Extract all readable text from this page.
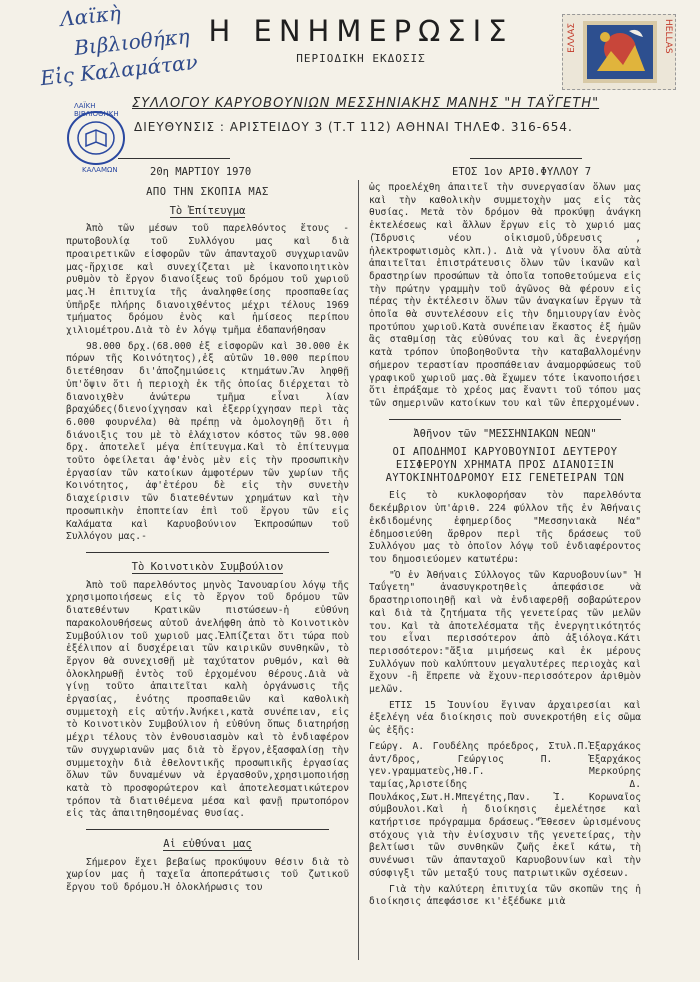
Λαϊκὴ
Βιβλιοθήκη
Εἰς Καλαμάταν
Η ΕΝΗΜΕΡΩΣΙΣ
ΠΕΡΙΟΔΙΚΗ ΕΚΔΟΣΙΣ
ΕΛΛΑΣ	HELLAS
ΛΑΪΚΗ ΒΙΒΛΙΟΘΗΚΗ
ΚΑΛΑΜΩΝ
ΣΥΛΛΟΓΟΥ ΚΑΡΥΟΒΟΥΝΙΩΝ ΜΕΣΣΗΝΙΑΚΗΣ ΜΑΝΗΣ "Η ΤΑΫΓΕΤΗ"
ΔΙΕΥΘΥΝΣΙΣ : ΑΡΙΣΤΕΙΔΟΥ 3 (Τ.Τ 112) ΑΘΗΝΑΙ ΤΗΛΕΦ. 316-654.
20η ΜΑΡΤΙΟΥ 1970	ΕΤΟΣ 1ον ΑΡΙΘ.ΦΥΛΛΟΥ 7
ΑΠΟ ΤΗΝ ΣΚΟΠΙΑ ΜΑΣ
Τὸ Ἐπίτευγμα

Ἀπὸ τῶν μέσων τοῦ παρελθόντος ἔτους - πρωτοβουλίᾳ τοῦ Συλλόγου μας καὶ διὰ προαιρετικῶν εἰσφορῶν τῶν ἁπανταχοῦ συγχωριανῶν μας-ἤρχισε καὶ συνεχίζεται μὲ ἱκανοποιητικὸν ρυθμὸν τὸ ἔργον διανοίξεως τοῦ δρόμου τοῦ χωριοῦ μας.Ἡ ἐπιτυχία τῆς ἀναληφθείσης προσπαθείας ὑπῆρξε πλήρης διανοιχθέντος μέχρι τέλους 1969 τμήματος δρόμου ἑνὸς καὶ ἡμίσεος περίπου χιλιομέτρου.Διὰ τὸ ἐν λόγῳ τμῆμα ἐδαπανήθησαν

98.000 δρχ.(68.000 ἐξ εἰσφορῶν καὶ 30.000 ἐκ πόρων τῆς Κοινότητος),ἐξ αὐτῶν 10.000 περίπου διετέθησαν δι'ἀποζημιώσεις κτημάτων.Ἂν ληφθῇ ὑπ'ὄψιν ὅτι ἡ περιοχὴ ἐκ τῆς ὁποίας διέρχεται τὸ διανοιχθὲν ἀνώτερω τμῆμα εἶναι λίαν βραχώδες(διενοίχγησαν καὶ ἐξερρίχγησαν περὶ τὰς 6.000 φουρνέλα) θὰ πρέπῃ νὰ ὁμολογηθῇ ὅτι ἡ διάνοιξις του μὲ τὸ ἐλάχιστον κόστος τῶν 98.000 δρχ. ἀποτελεῖ μέγα ἐπίτευγμα.Καὶ τὸ ἐπίτευγμα τοῦτο ὀφείλεται ἀφ'ἑνὸς μὲν εἰς τὴν προσωπικὴν ἐργασίαν τῶν κατοίκων ἀμφοτέρων τῶν χωρίων τῆς Κοινότητος, ἀφ'ἑτέρου δὲ εἰς τὴν συνετὴν διαχείρισιν τῶν διατεθέντων χρημάτων καὶ τὴν προσωπικὴν ἐποπτείαν ἐπὶ τοῦ ἔργου τῶν εἰς Καλάματα καὶ Καρυοβούνιον Ἐκπροσώπων τοῦ Συλλόγου μας.-

Τὸ Κοινοτικὸν Συμβούλιον

Ἀπὸ τοῦ παρελθόντος μηνὸς Ἰανουαρίου λόγῳ τῆς χρησιμοποιήσεως εἰς τὸ ἔργον τοῦ δρόμου τῶν διατεθέντων Κρατικῶν πιστώσεων-ἡ εὐθύνη παρακολουθήσεως αὐτοῦ ἀνελήφθη ἀπὸ τὸ Κοινοτικὸν Συμβούλιον τοῦ χωριοῦ μας.Ἐλπίζεται ὅτι τώρα ποὺ ἐξέλιπον αἱ δυσχέρειαι τῶν καιρικῶν συνθηκῶν, τὸ ἔργον θὰ συνεχισθῇ μὲ ταχύτατον ρυθμόν, καὶ θὰ ὁλοκληρωθῇ ἐντὸς τοῦ ἐρχομένου θέρους.Διὰ νὰ γίνῃ τοῦτο ἀπαιτεῖται καλὴ ὀργάνωσις τῆς ἐργασίας, ἐνότης προσπαθειῶν καὶ καθολικὴ συμμετοχὴ εἰς αὐτήν.Ἀνήκει,κατὰ συνέπειαν, εἰς τὸ Κοινοτικὸν Συμβούλιον ἡ εὐθύνη ὅπως διατηρήσῃ μέχρι τέλους τὸν ἐνθουσιασμὸν καὶ τὸ ἐνδιαφέρον τῶν συγχωριανῶν μας διὰ τὸ ἔργον,ἐξασφαλίσῃ τὴν συμμετοχὴν διὰ ἐθελοντικῆς προσωπικῆς ἐργασίας ὅλων τῶν δυναμένων νὰ ἐργασθοῦν,χρησιμοποιήσῃ κατὰ τὸ προσφορώτερον καὶ ἀποτελεσματικώτερον τρόπον τὰ διατιθέμενα μέσα καὶ φανῇ πρωτοπόρον εἰς τὰς ἀπαιτηθησομένας θυσίας.

Αἱ εὐθύναι μας

Σήμερον ἔχει βεβαίως προκύψουν θέσιν διὰ τὸ χωρίον μας ἡ ταχεῖα ἀποπεράτωσις τοῦ ζωτικοῦ ἔργου τοῦ δρόμου.Ἡ ὁλοκλήρωσις του

ὡς προελέχθη ἀπαιτεῖ τὴν συνεργασίαν ὅλων μας καὶ τὴν καθολικὴν συμμετοχὴν μας εἰς τὰς θυσίας. Μετὰ τὸν δρόμον θὰ προκύψῃ ἀνάγκη ἐκτελέσεως καὶ ἄλλων ἔργων εἰς τὸ χωριό μας (Ἵδρυσις νέου οἰκισμοῦ,ὑδρευσις , ἠλεκτροφωτισμὸς κλπ.). Διὰ νὰ γίνουν ὅλα αὐτὰ ἀπαιτεῖται ἐπιστράτευσις ὅλων τῶν ἱκανῶν καὶ δραστηρίων προσώπων τὰ ὁποῖα τοποθετούμενα εἰς τὴν πρώτην γραμμὴν τοῦ ἀγῶνος θὰ φέρουν εἰς πέρας τὴν ἐκτέλεσιν ὅλων τῶν ἀναγκαίων ἔργων τὰ ὁποῖα θὰ συντελέσουν εἰς τὴν δημιουργίαν ἑνὸς προτύπου χωριοῦ.Κατὰ συνέπειαν ἕκαστος ἐξ ἡμῶν ἂς σταθμίσῃ τὰς εὐθύνας του καὶ ἂς ἐνεργήσῃ κατὰ τρόπον ὑποβοηθοῦντα τὴν καταβαλλομένην σήμερον τεραστίαν προσπάθειαν ἀναμορφώσεως τοῦ γραφικοῦ χωριοῦ μας.Θὰ ἔχωμεν τότε ἱκανοποιήσει ὅτι ἐπράξαμε τὸ χρέος μας ἔναντι τοῦ τόπου μας τῶν σημερινῶν κατοίκων του καὶ τῶν ἐπερχομένων.

Ἀθῆνον τῶν "ΜΕΣΣΗΝΙΑΚΩΝ ΝΕΩΝ"
ΟΙ ΑΠΟΔΗΜΟΙ ΚΑΡΥΟΒΟΥΝΙΟΙ ΔΕΥΤΕΡΟΥ ΕΙΣΦΕΡΟΥΝ ΧΡΗΜΑΤΑ ΠΡΟΣ ΔΙΑΝΟΙΞΙΝ ΑΥΤΟΚΙΝΗΤΟΔΡΟΜΟΥ ΕΙΣ ΓΕΝΕΤΕΙΡΑΝ ΤΩΝ

Εἰς τὸ κυκλοφορήσαν τὸν παρελθόντα δεκέμβριον ὑπ'ἀριθ. 224 φύλλον τῆς ἐν Ἀθήναις ἐκδιδομένης ἐφημερίδος "Μεσσηνιακὰ Νέα" ἐδημοσιεύθη ἄρθρον περὶ τῆς δράσεως τοῦ Συλλόγου μας τὸ ὁποῖον λόγῳ τοῦ ἐνδιαφέροντος του δημοσιεύομεν κατωτέρω:

"Ὁ ἐν Ἀθήναις Σύλλογος τῶν Καρυοβουνίων" Ἡ Ταΰγετη" ἀνασυγκροτηθεὶς ἀπεφάσισε νὰ δραστηριοποιηθῇ καὶ νὰ ἐνδιαφερθῇ σοβαρώτερον καὶ διὰ τὰ ζητήματα τῆς γενετείρας τῶν μελῶν του. Καὶ τὰ ἀποτελέσματα τῆς ἐνεργητικότητός του εἶναι περισσότερον ἀπὸ ἀξιόλογα.Κάτι περισσότερον:"ἄξια μιμήσεως καὶ ἐκ μέρους Συλλόγων ποὺ καλύπτουν μεγαλυτέρες περιοχὰς καὶ ἔχουν -ἢ ἔπρεπε νὰ ἔχουν-περισσότερον ἀριθμὸν μελῶν.

ΕΤΙΣ 15 Ἰουνίου ἔγιναν ἀρχαιρεσίαι καὶ ἐξελέγη νέα διοίκησις ποὺ συνεκροτήθη εἰς σῶμα ὡς ἑξῆς:

Γεώργ. Α. Γουδέλης πρόεδρος, Στυλ.Π.Ἐξαρχάκος ἀντ/δρος, Γεώργιος Π. Ἐξαρχάκος γεν.γραμματεὺς,Ἠθ.Γ. Μερκούρης ταμίας,Ἀριστείδης Δ. Πουλάκος,Σωτ.Η.Μπεγέτης,Παν. Ἰ. Κορωναῖος σύμβουλοι.Καὶ ἡ διοίκησις ἐμελέτησε καὶ κατήρτισε πρόγραμμα δράσεως."Ἔθεσεν ὡρισμένους στόχους γιὰ τὴν ἐνίσχυσιν τῆς γενετείρας, τὴν βελτίωσι τῶν συνθηκῶν ζωῆς ἐκεῖ κάτω, τὴ συνένωσι τῶν ἀπανταχοῦ Καρυοβουνίων καὶ τὴν σύσφιγξι τῶν μεταξύ τους πατριωτικῶν σχέσεων.

Γιὰ τὴν καλύτερη ἐπιτυχία τῶν σκοπῶν της ἡ διοίκησις ἀπεφάσισε κι'ἐξέδωκε μιὰ
